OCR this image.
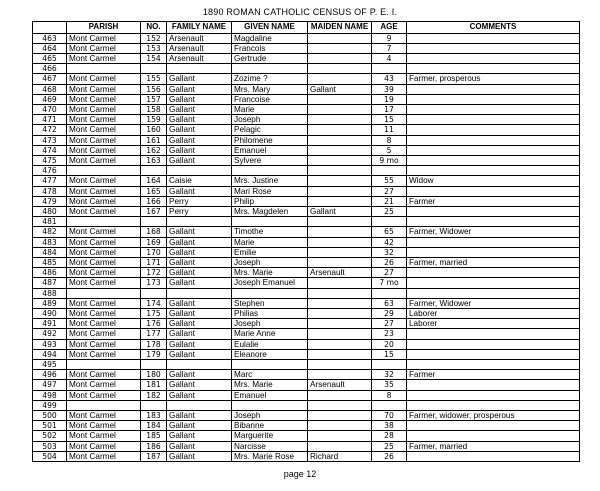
1890 ROMAN CATHOLIC CENSUS OF P. E. I.
	PARISH	NO.	FAMILY NAME	GIVEN NAME	MAIDEN NAME	AGE	COMMENTS
463	Mont Carmel	152	Arsenault	Magdaline		9	
464	Mont Carmel	153	Arsenault	Francois		7	
465	Mont Carmel	154	Arsenault	Gertrude		4	
466							
467	Mont Carmel	155	Gallant	Zozime ?		43	Farmer, prosperous
468	Mont Carmel	156	Gallant	Mrs. Mary	Gallant	39	
469	Mont Carmel	157	Gallant	Francoise		19	
470	Mont Carmel	158	Gallant	Marie		17	
471	Mont Carmel	159	Gallant	Joseph		15	
472	Mont Carmel	160	Gallant	Pelagic		11	
473	Mont Carmel	161	Gallant	Philomene		8	
474	Mont Carmel	162	Gallant	Emanuel		5	
475	Mont Carmel	163	Gallant	Sylvere		9 mo	
476							
477	Mont Carmel	164	Caisie	Mrs. Justine		55	Widow
478	Mont Carmel	165	Gallant	Mari Rose		27	
479	Mont Carmel	166	Perry	Philip		21	Farmer
480	Mont Carmel	167	Perry	Mrs. Magdelen	Gallant	25	
481							
482	Mont Carmel	168	Gallant	Timothe		65	Farmer, Widower
483	Mont Carmel	169	Gallant	Marie		42	
484	Mont Carmel	170	Gallant	Emilie		32	
485	Mont Carmel	171	Gallant	Joseph		26	Farmer, married
486	Mont Carmel	172	Gallant	Mrs. Marie	Arsenault	27	
487	Mont Carmel	173	Gallant	Joseph Emanuel		7 mo	
488							
489	Mont Carmel	174	Gallant	Stephen		63	Farmer, Widower
490	Mont Carmel	175	Gallant	Philias		29	Laborer
491	Mont Carmel	176	Gallant	Joseph		27	Laborer
492	Mont Carmel	177	Gallant	Marie Anne		23	
493	Mont Carmel	178	Gallant	Eulalie		20	
494	Mont Carmel	179	Gallant	Eleanore		15	
495							
496	Mont Carmel	180	Gallant	Marc		32	Farmer
497	Mont Carmel	181	Gallant	Mrs. Marie	Arsenault	35	
498	Mont Carmel	182	Gallant	Emanuel		8	
499							
500	Mont Carmel	183	Gallant	Joseph		70	Farmer, widower, prosperous
501	Mont Carmel	184	Gallant	Bibanne		38	
502	Mont Carmel	185	Gallant	Marguerite		28	
503	Mont Carmel	186	Gallant	Narcisse		25	Farmer, married
504	Mont Carmel	187	Gallant	Mrs. Marie Rose	Richard	26	
page 12
